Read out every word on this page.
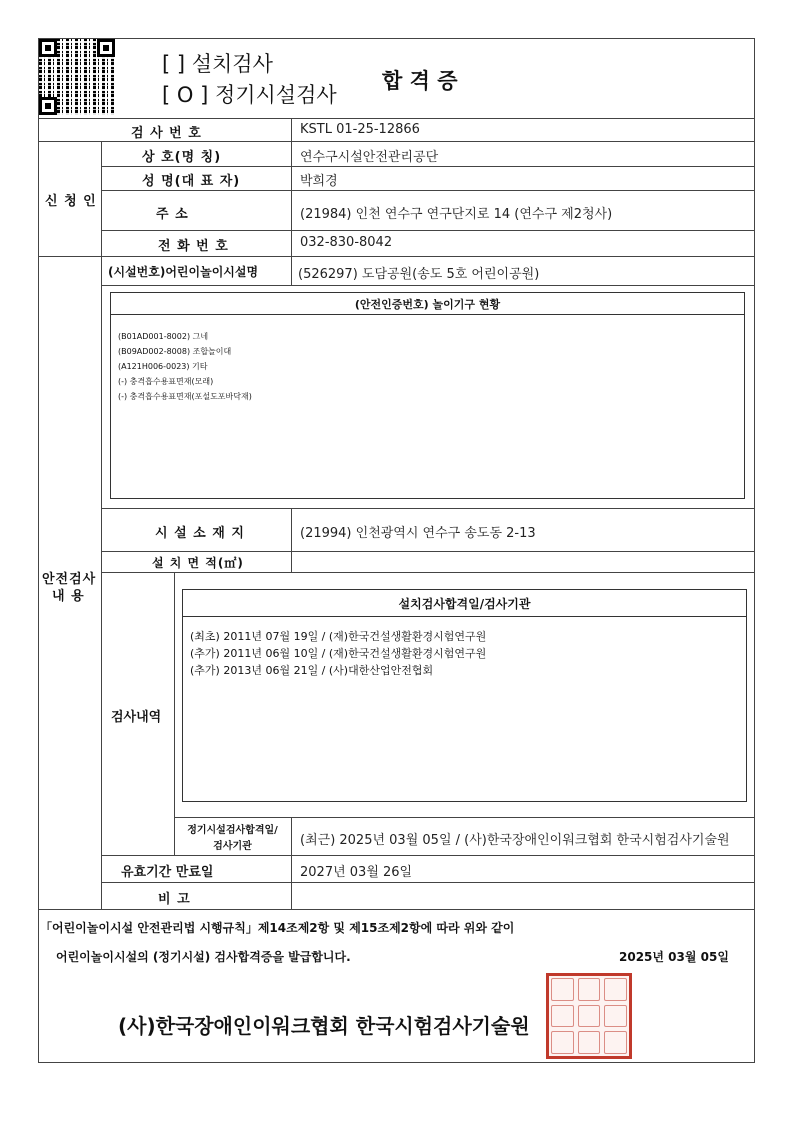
[ ] 설치검사
[ O ] 정기시설검사
합 격 증
검 사 번 호	KSTL 01-25-12866
신 청 인
상 호(명 칭)	연수구시설안전관리공단
성 명(대 표 자)	박희경
주 소	(21984) 인천 연수구 연구단지로 14 (연수구 제2청사)
전 화 번 호	032-830-8042
안전검사
내 용
(시설번호)어린이놀이시설명	(526297) 도담공원(송도 5호 어린이공원)
(안전인증번호) 놀이기구 현황
(B01AD001-8002) 그네
(B09AD002-8008) 조합놀이대
(A121H006-0023) 기타
(-) 충격흡수용표면재(모래)
(-) 충격흡수용표면재(포설도포바닥재)
시 설 소 재 지	(21994) 인천광역시 연수구 송도동 2-13
설 치 면 적(㎡)
검사내역
설치검사합격일/검사기관
(최초) 2011년 07월 19일 / (재)한국건설생활환경시험연구원
(추가) 2011년 06월 10일 / (재)한국건설생활환경시험연구원
(추가) 2013년 06월 21일 / (사)대한산업안전협회
정기시설검사합격일/
검사기관	(최근) 2025년 03월 05일 / (사)한국장애인이워크협회 한국시험검사기술원
유효기간 만료일	2027년 03월 26일
비 고
「어린이놀이시설 안전관리법 시행규칙」제14조제2항 및 제15조제2항에 따라 위와 같이
어린이놀이시설의 (정기시설) 검사합격증을 발급합니다.	2025년 03월 05일
(사)한국장애인이워크협회 한국시험검사기술원
